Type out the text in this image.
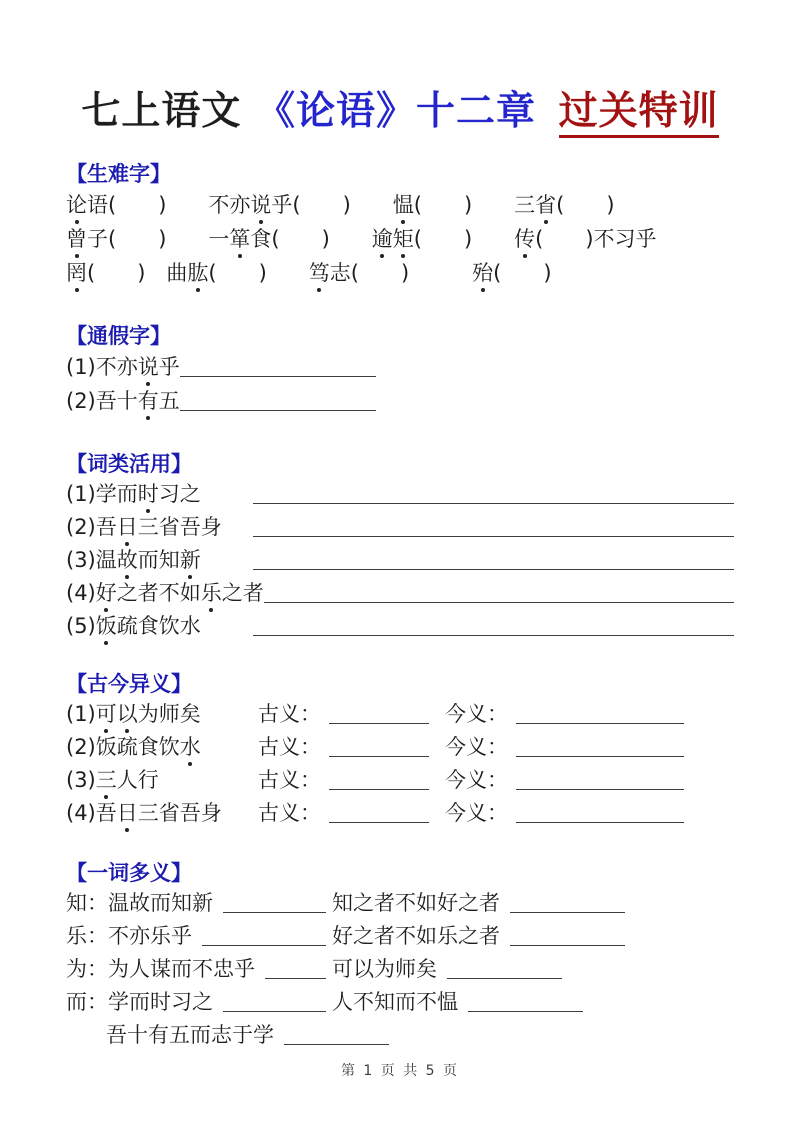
七上语文 《论语》十二章 过关特训
【生难字】

论语(　　)　　不亦说乎(　　)　　愠(　　)　　三省(　　)

曾子(　　)　　一箪食(　　)　　逾矩(　　)　　传(　　)不习乎

罔(　　)　曲肱(　　)　　笃志(　　)　　　殆(　　)

【通假字】

(1)不亦说乎

(2)吾十有五

【词类活用】
(1)学而时习之
(2)吾日三省吾身
(3)温故而知新
(4)好之者不如乐之者
(5)饭疏食饮水
【古今异义】
(1)可以为师矣	古义：	今义：
(2)饭疏食饮水	古义：	今义：
(3)三人行	古义：	今义：
(4)吾日三省吾身	古义：	今义：
【一词多义】
知： 温故而知新	知之者不如好之者
乐： 不亦乐乎	好之者不如乐之者
为： 为人谋而不忠乎	可以为师矣
而： 学而时习之	人不知而不愠
吾十有五而志于学
第 1 页 共 5 页
